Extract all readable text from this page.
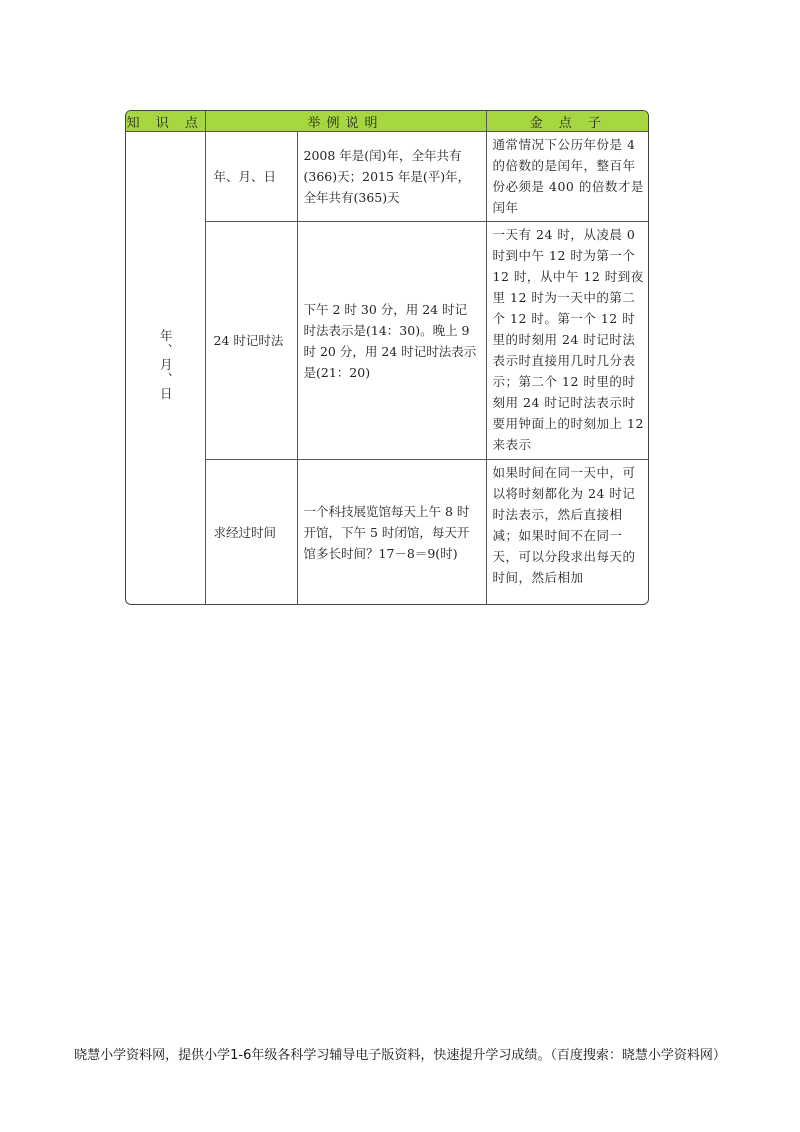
知 识 点	举例说明		金 点 子
年、月、日	年、月、日	2008 年是(闰)年，全年共有(366)天；2015 年是(平)年，全年共有(365)天	通常情况下公历年份是 4 的倍数的是闰年，整百年份必须是 400 的倍数才是闰年
	24 时记时法	下午 2 时 30 分，用 24 时记时法表示是(14：30)。晚上 9 时 20 分，用 24 时记时法表示是(21：20)	一天有 24 时，从凌晨 0 时到中午 12 时为第一个 12 时，从中午 12 时到夜里 12 时为一天中的第二个 12 时。第一个 12 时里的时刻用 24 时记时法表示时直接用几时几分表示；第二个 12 时里的时刻用 24 时记时法表示时要用钟面上的时刻加上 12 来表示
	求经过时间	一个科技展览馆每天上午 8 时开馆，下午 5 时闭馆，每天开馆多长时间？17－8＝9(时)	如果时间在同一天中，可以将时刻都化为 24 时记时法表示，然后直接相减；如果时间不在同一天，可以分段求出每天的时间，然后相加
晓慧小学资料网，提供小学1-6年级各科学习辅导电子版资料，快速提升学习成绩。（百度搜索：晓慧小学资料网）
